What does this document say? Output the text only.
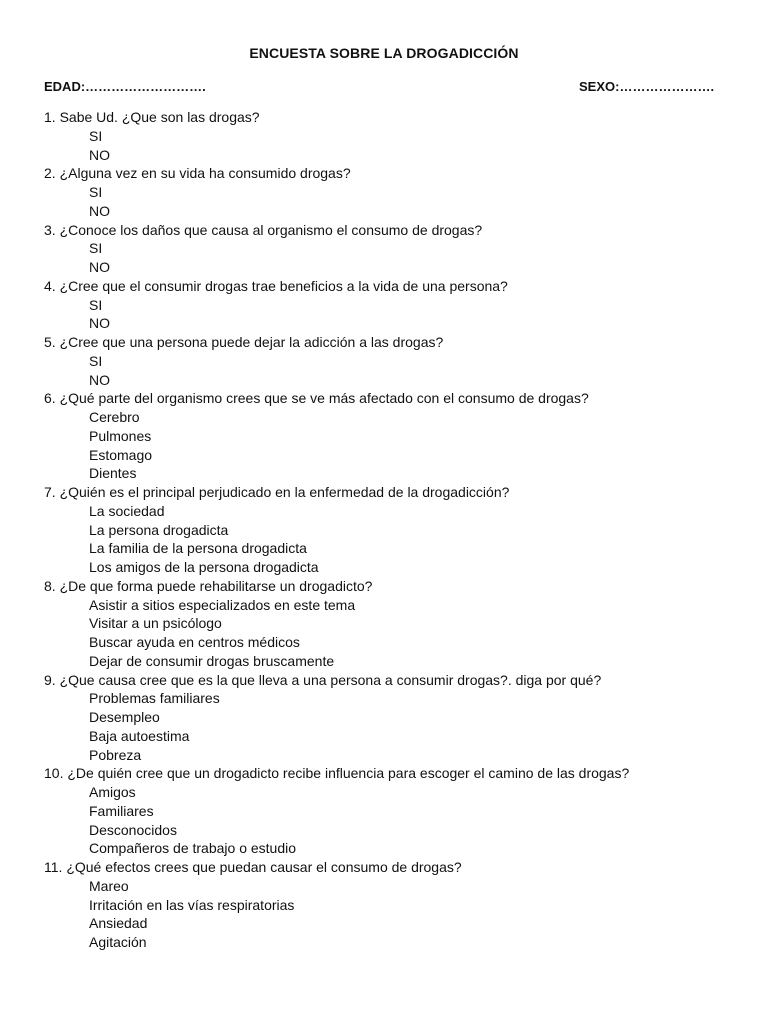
ENCUESTA SOBRE LA DROGADICCIÓN
EDAD:……………………….	SEXO:………………….
1. Sabe Ud. ¿Que son las drogas?
SI
NO
2. ¿Alguna vez en su vida ha consumido drogas?
SI
NO
3. ¿Conoce los daños que causa al organismo el consumo de drogas?
SI
NO
4. ¿Cree que el consumir drogas trae beneficios a la vida de una persona?
SI
NO
5. ¿Cree que una persona puede dejar la adicción a las drogas?
SI
NO
6. ¿Qué parte del organismo crees que se ve más afectado con el consumo de drogas?
Cerebro
Pulmones
Estomago
Dientes
7. ¿Quién es el principal perjudicado en la enfermedad de la drogadicción?
La sociedad
La persona drogadicta
La familia de la persona drogadicta
Los amigos de la persona drogadicta
8. ¿De que forma puede rehabilitarse un drogadicto?
Asistir a sitios especializados en este tema
Visitar a un psicólogo
Buscar ayuda en centros médicos
Dejar de consumir drogas bruscamente
9. ¿Que causa cree que es la que lleva a una persona a consumir drogas?. diga por qué?
Problemas familiares
Desempleo
Baja autoestima
Pobreza
10. ¿De quién cree que un drogadicto recibe influencia para escoger el camino de las drogas?
Amigos
Familiares
Desconocidos
Compañeros de trabajo o estudio
11. ¿Qué efectos crees que puedan causar el consumo de drogas?
Mareo
Irritación en las vías respiratorias
Ansiedad
Agitación
